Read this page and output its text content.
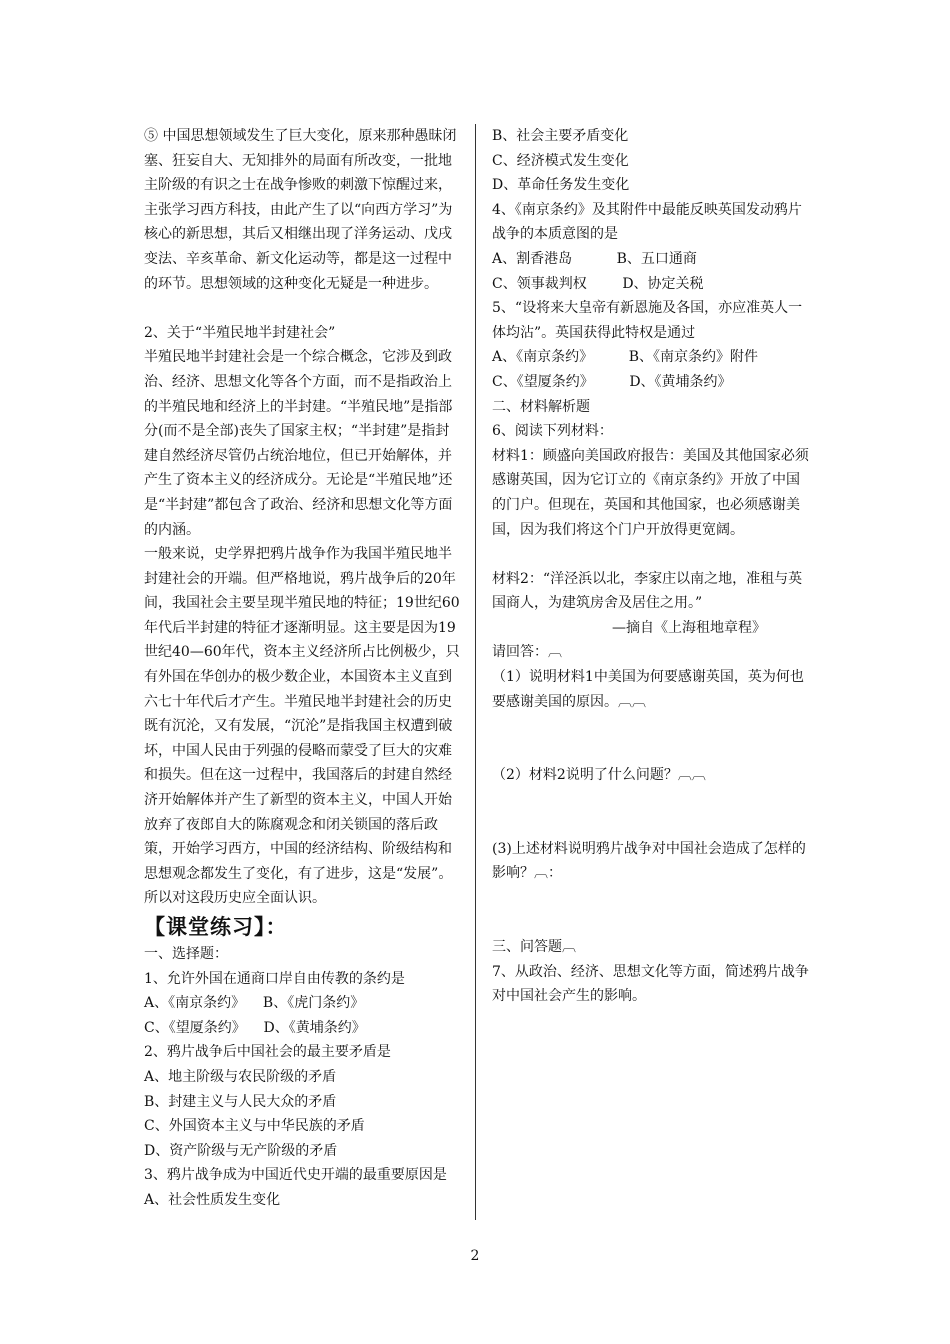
⑤ 中国思想领域发生了巨大变化，原来那种愚昧闭塞、狂妄自大、无知排外的局面有所改变，一批地主阶级的有识之士在战争惨败的刺激下惊醒过来，主张学习西方科技，由此产生了以“向西方学习”为核心的新思想，其后又相继出现了洋务运动、戊戌变法、辛亥革命、新文化运动等，都是这一过程中的环节。思想领域的这种变化无疑是一种进步。

2、关于“半殖民地半封建社会”

半殖民地半封建社会是一个综合概念，它涉及到政治、经济、思想文化等各个方面，而不是指政治上的半殖民地和经济上的半封建。“半殖民地”是指部分(而不是全部)丧失了国家主权；“半封建”是指封建自然经济尽管仍占统治地位，但已开始解体，并产生了资本主义的经济成分。无论是“半殖民地”还是“半封建”都包含了政治、经济和思想文化等方面的内涵。

一般来说，史学界把鸦片战争作为我国半殖民地半封建社会的开端。但严格地说，鸦片战争后的20年间，我国社会主要呈现半殖民地的特征；19世纪60年代后半封建的特征才逐渐明显。这主要是因为19世纪40—60年代，资本主义经济所占比例极少，只有外国在华创办的极少数企业，本国资本主义直到六七十年代后才产生。半殖民地半封建社会的历史既有沉沦，又有发展，“沉沦”是指我国主权遭到破坏，中国人民由于列强的侵略而蒙受了巨大的灾难和损失。但在这一过程中，我国落后的封建自然经济开始解体并产生了新型的资本主义，中国人开始放弃了夜郎自大的陈腐观念和闭关锁国的落后政策，开始学习西方，中国的经济结构、阶级结构和思想观念都发生了变化，有了进步，这是“发展”。所以对这段历史应全面认识。

【课堂练习】：

一、选择题：

1、允许外国在通商口岸自由传教的条约是

A、《南京条约》    B、《虎门条约》

C、《望厦条约》    D、《黄埔条约》

2、鸦片战争后中国社会的最主要矛盾是

A、地主阶级与农民阶级的矛盾

B、封建主义与人民大众的矛盾

C、外国资本主义与中华民族的矛盾

D、资产阶级与无产阶级的矛盾

3、鸦片战争成为中国近代史开端的最重要原因是

A、社会性质发生变化

B、社会主要矛盾变化

C、经济模式发生变化

D、革命任务发生变化

4、《南京条约》及其附件中最能反映英国发动鸦片战争的本质意图的是

A、割香港岛          B、五口通商

C、领事裁判权        D、协定关税

5、“设将来大皇帝有新恩施及各国，亦应准英人一体均沾”。英国获得此特权是通过

A、《南京条约》        B、《南京条约》附件

C、《望厦条约》        D、《黄埔条约》

二、材料解析题

6、阅读下列材料：

材料1：顾盛向美国政府报告：美国及其他国家必须感谢英国，因为它订立的《南京条约》开放了中国的门户。但现在，英国和其他国家，也必须感谢美国，因为我们将这个门户开放得更宽阔。

材料2：“洋泾浜以北，李家庄以南之地，准租与英国商人，为建筑房舍及居住之用。”

—摘自《上海租地章程》

请回答：︹

（1）说明材料1中美国为何要感谢英国，英为何也要感谢美国的原因。︹︹

（2）材料2说明了什么问题？︹︹

(3)上述材料说明鸦片战争对中国社会造成了怎样的影响？︹：

三、问答题︹

7、从政治、经济、思想文化等方面，简述鸦片战争对中国社会产生的影响。

2
